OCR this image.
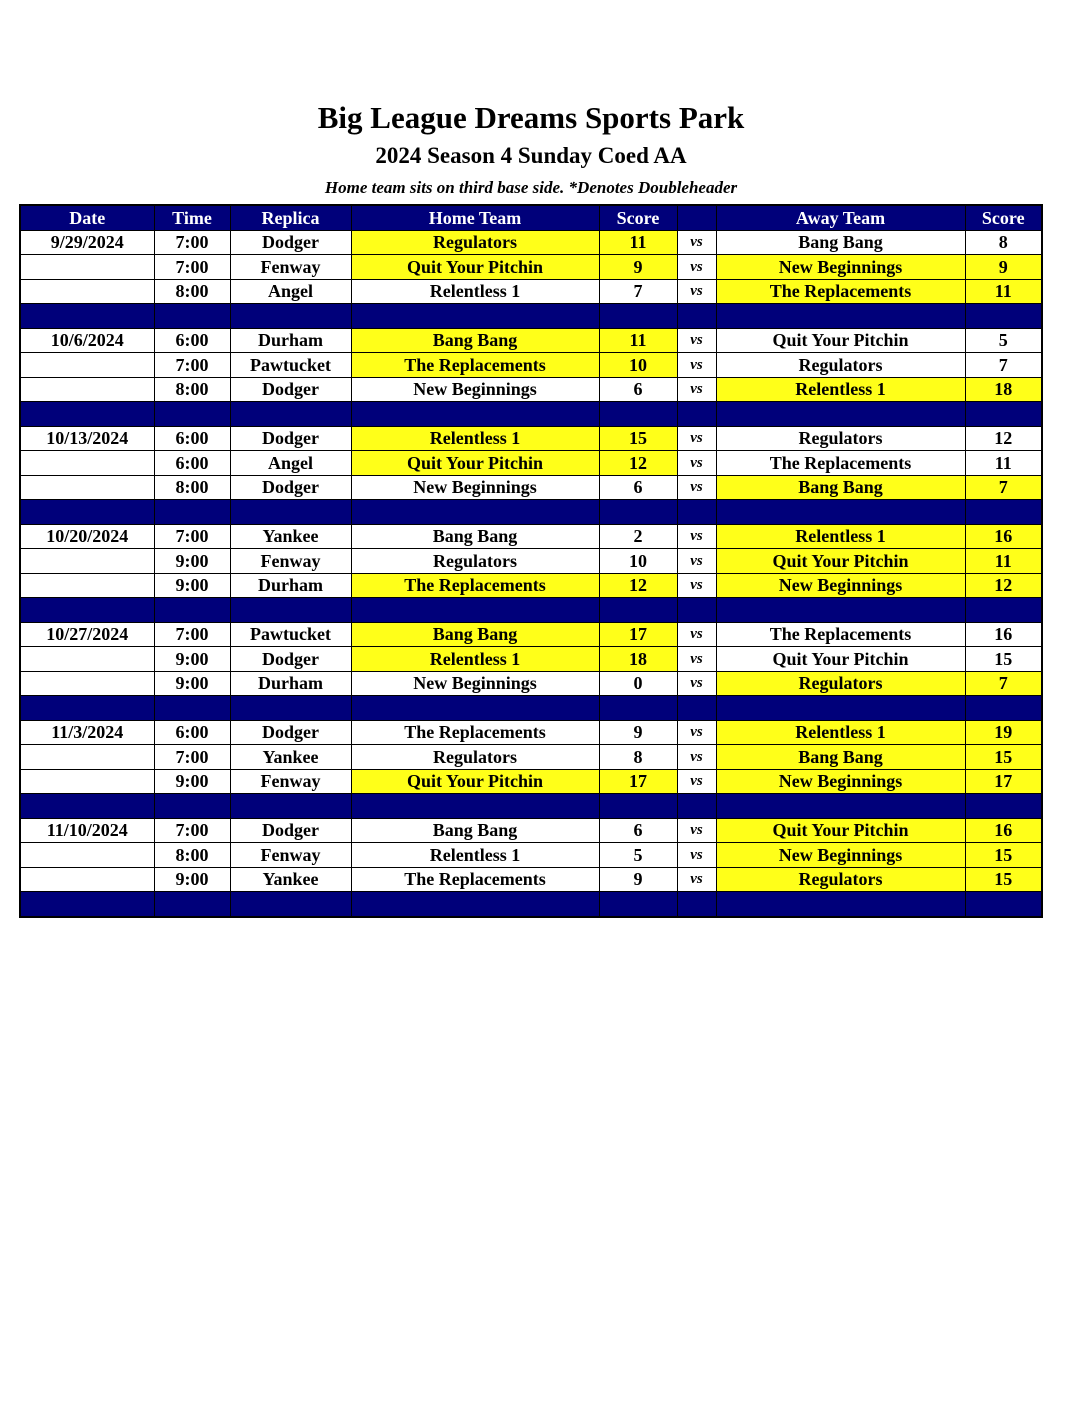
Big League Dreams Sports Park
2024 Season 4 Sunday Coed AA
Home team sits on third base side. *Denotes Doubleheader
Date	Time	Replica	Home Team	Score		Away Team	Score
9/29/2024	7:00	Dodger	Regulators	11	vs	Bang Bang	8
	7:00	Fenway	Quit Your Pitchin	9	vs	New Beginnings	9
	8:00	Angel	Relentless 1	7	vs	The Replacements	11

10/6/2024	6:00	Durham	Bang Bang	11	vs	Quit Your Pitchin	5
	7:00	Pawtucket	The Replacements	10	vs	Regulators	7
	8:00	Dodger	New Beginnings	6	vs	Relentless 1	18

10/13/2024	6:00	Dodger	Relentless 1	15	vs	Regulators	12
	6:00	Angel	Quit Your Pitchin	12	vs	The Replacements	11
	8:00	Dodger	New Beginnings	6	vs	Bang Bang	7

10/20/2024	7:00	Yankee	Bang Bang	2	vs	Relentless 1	16
	9:00	Fenway	Regulators	10	vs	Quit Your Pitchin	11
	9:00	Durham	The Replacements	12	vs	New Beginnings	12

10/27/2024	7:00	Pawtucket	Bang Bang	17	vs	The Replacements	16
	9:00	Dodger	Relentless 1	18	vs	Quit Your Pitchin	15
	9:00	Durham	New Beginnings	0	vs	Regulators	7

11/3/2024	6:00	Dodger	The Replacements	9	vs	Relentless 1	19
	7:00	Yankee	Regulators	8	vs	Bang Bang	15
	9:00	Fenway	Quit Your Pitchin	17	vs	New Beginnings	17

11/10/2024	7:00	Dodger	Bang Bang	6	vs	Quit Your Pitchin	16
	8:00	Fenway	Relentless 1	5	vs	New Beginnings	15
	9:00	Yankee	The Replacements	9	vs	Regulators	15
